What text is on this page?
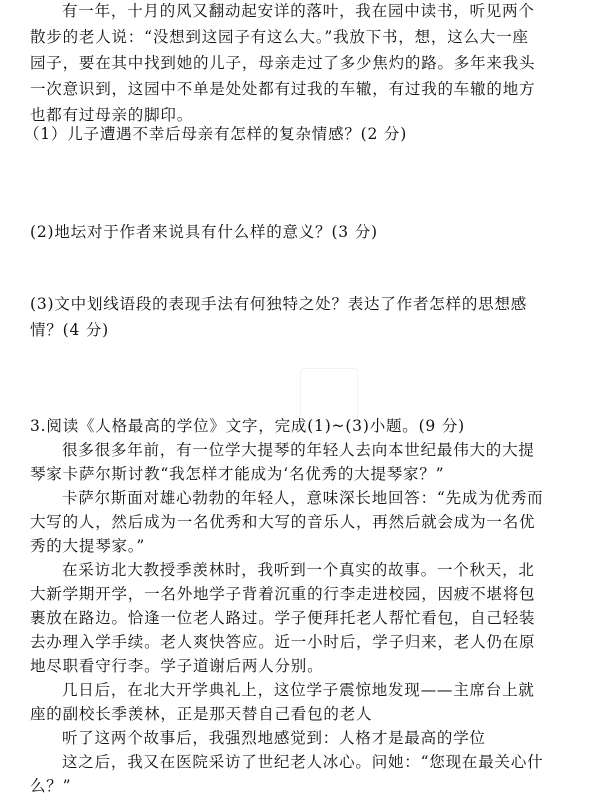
有一年，十月的风又翻动起安详的落叶，我在园中读书，听见两个
散步的老人说：“没想到这园子有这么大。”我放下书，想，这么大一座
园子，要在其中找到她的儿子，母亲走过了多少焦灼的路。多年来我头
一次意识到，这园中不单是处处都有过我的车辙，有过我的车辙的地方
也都有过母亲的脚印。
（1）儿子遭遇不幸后母亲有怎样的复杂情感？(2 分)
(2)地坛对于作者来说具有什么样的意义？(3 分)
(3)文中划线语段的表现手法有何独特之处？表达了作者怎样的思想感
情？(4 分)
3.阅读《人格最高的学位》文字，完成(1)~(3)小题。(9 分)
很多很多年前，有一位学大提琴的年轻人去向本世纪最伟大的大提
琴家卡萨尔斯讨教“我怎样才能成为‘名优秀的大提琴家？”
卡萨尔斯面对雄心勃勃的年轻人，意味深长地回答：“先成为优秀而
大写的人，然后成为一名优秀和大写的音乐人，再然后就会成为一名优
秀的大提琴家。”
在采访北大教授季羡林时，我听到一个真实的故事。一个秋天，北
大新学期开学，一名外地学子背着沉重的行李走进校园，因疲不堪将包
裹放在路边。恰逢一位老人路过。学子便拜托老人帮忙看包，自己轻装
去办理入学手续。老人爽快答应。近一小时后，学子归来，老人仍在原
地尽职看守行李。学子道谢后两人分别。
几日后，在北大开学典礼上，这位学子震惊地发现——主席台上就
座的副校长季羡林，正是那天替自己看包的老人
听了这两个故事后，我强烈地感觉到：人格才是最高的学位
这之后，我又在医院采访了世纪老人冰心。问她：“您现在最关心什
么？”
